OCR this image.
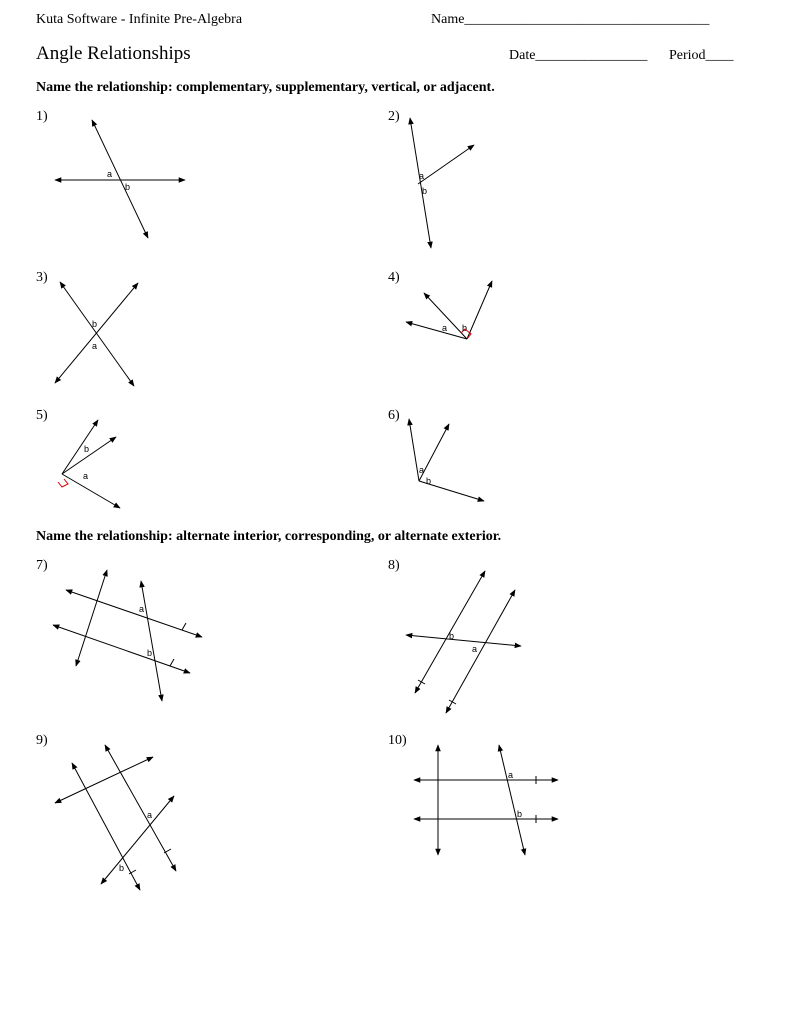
Kuta Software - Infinite Pre-Algebra	Name___________________________________
Angle Relationships	Date________________ Period____
Name the relationship: complementary, supplementary, vertical, or adjacent.
Name the relationship: alternate interior, corresponding, or alternate exterior.
1)	2)
3)	4)
5)	6)
7)	8)
9)	10)
a
b
a
b
b
a
a b
b
a
a
b
a
b
b
a
a
b
a
b
